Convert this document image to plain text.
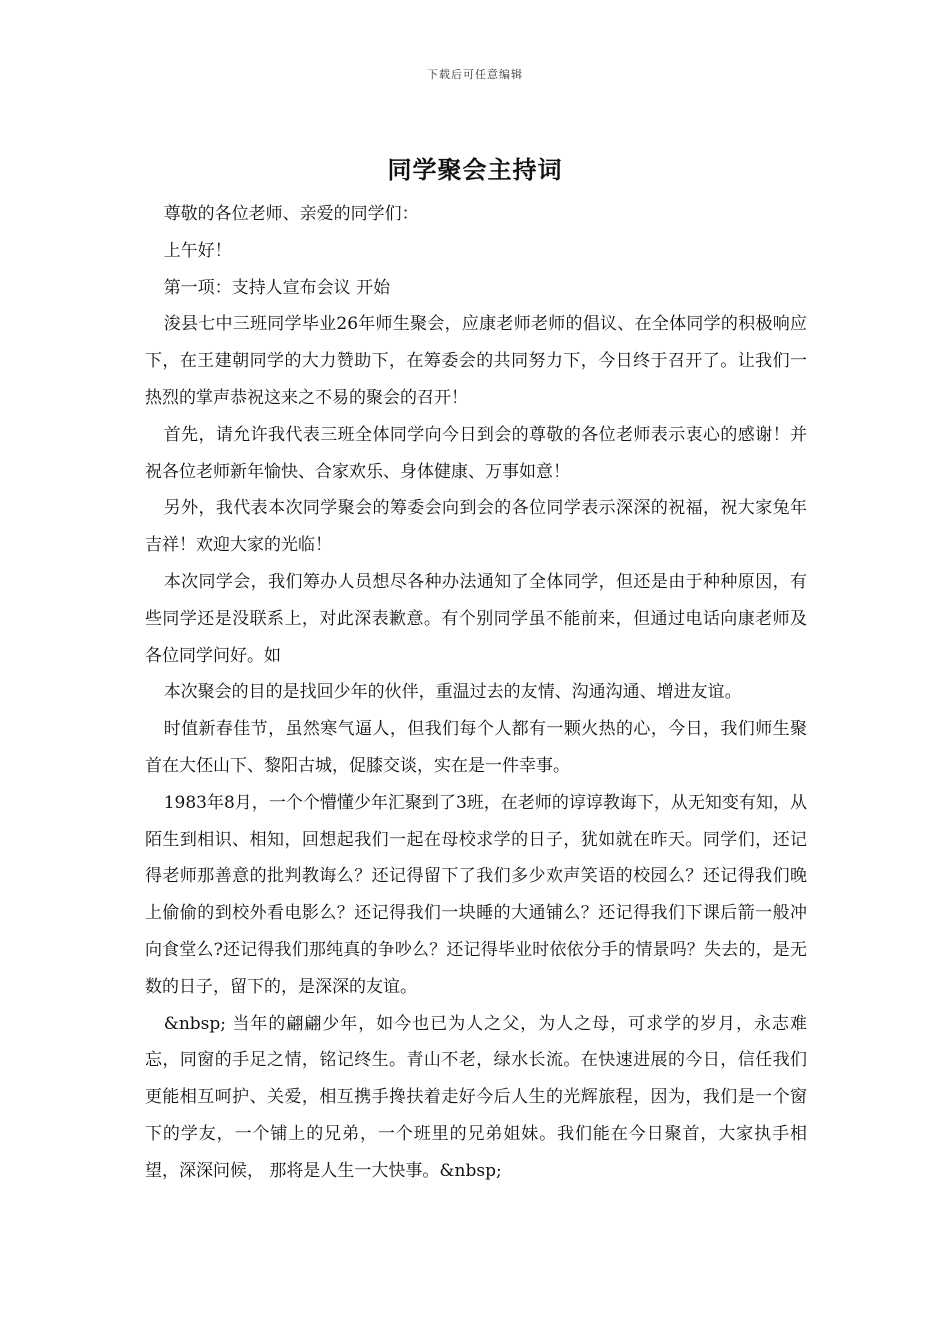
下载后可任意编辑
同学聚会主持词

尊敬的各位老师、亲爱的同学们：

上午好！

第一项：支持人宣布会议 开始

浚县七中三班同学毕业26年师生聚会，应康老师老师的倡议、在全体同学的积极响应下，在王建朝同学的大力赞助下，在筹委会的共同努力下，今日终于召开了。让我们一热烈的掌声恭祝这来之不易的聚会的召开！

首先，请允许我代表三班全体同学向今日到会的尊敬的各位老师表示衷心的感谢！并祝各位老师新年愉快、合家欢乐、身体健康、万事如意！

另外，我代表本次同学聚会的筹委会向到会的各位同学表示深深的祝福，祝大家兔年吉祥！欢迎大家的光临！

本次同学会，我们筹办人员想尽各种办法通知了全体同学，但还是由于种种原因，有些同学还是没联系上，对此深表歉意。有个别同学虽不能前来，但通过电话向康老师及各位同学问好。如

本次聚会的目的是找回少年的伙伴，重温过去的友情、沟通沟通、增进友谊。

时值新春佳节，虽然寒气逼人，但我们每个人都有一颗火热的心，今日，我们师生聚首在大伾山下、黎阳古城，促膝交谈，实在是一件幸事。

1983年8月，一个个懵懂少年汇聚到了3班，在老师的谆谆教诲下，从无知变有知，从陌生到相识、相知，回想起我们一起在母校求学的日子，犹如就在昨天。同学们，还记得老师那善意的批判教诲么？还记得留下了我们多少欢声笑语的校园么？还记得我们晚上偷偷的到校外看电影么？还记得我们一块睡的大通铺么？还记得我们下课后箭一般冲向食堂么?还记得我们那纯真的争吵么？还记得毕业时依依分手的情景吗？失去的，是无数的日子，留下的，是深深的友谊。

&nbsp; 当年的翩翩少年，如今也已为人之父，为人之母，可求学的岁月，永志难忘，同窗的手足之情，铭记终生。青山不老，绿水长流。在快速进展的今日，信任我们更能相互呵护、关爱，相互携手搀扶着走好今后人生的光辉旅程，因为，我们是一个窗下的学友，一个铺上的兄弟，一个班里的兄弟姐妹。我们能在今日聚首，大家执手相望，深深问候， 那将是人生一大快事。&nbsp;
